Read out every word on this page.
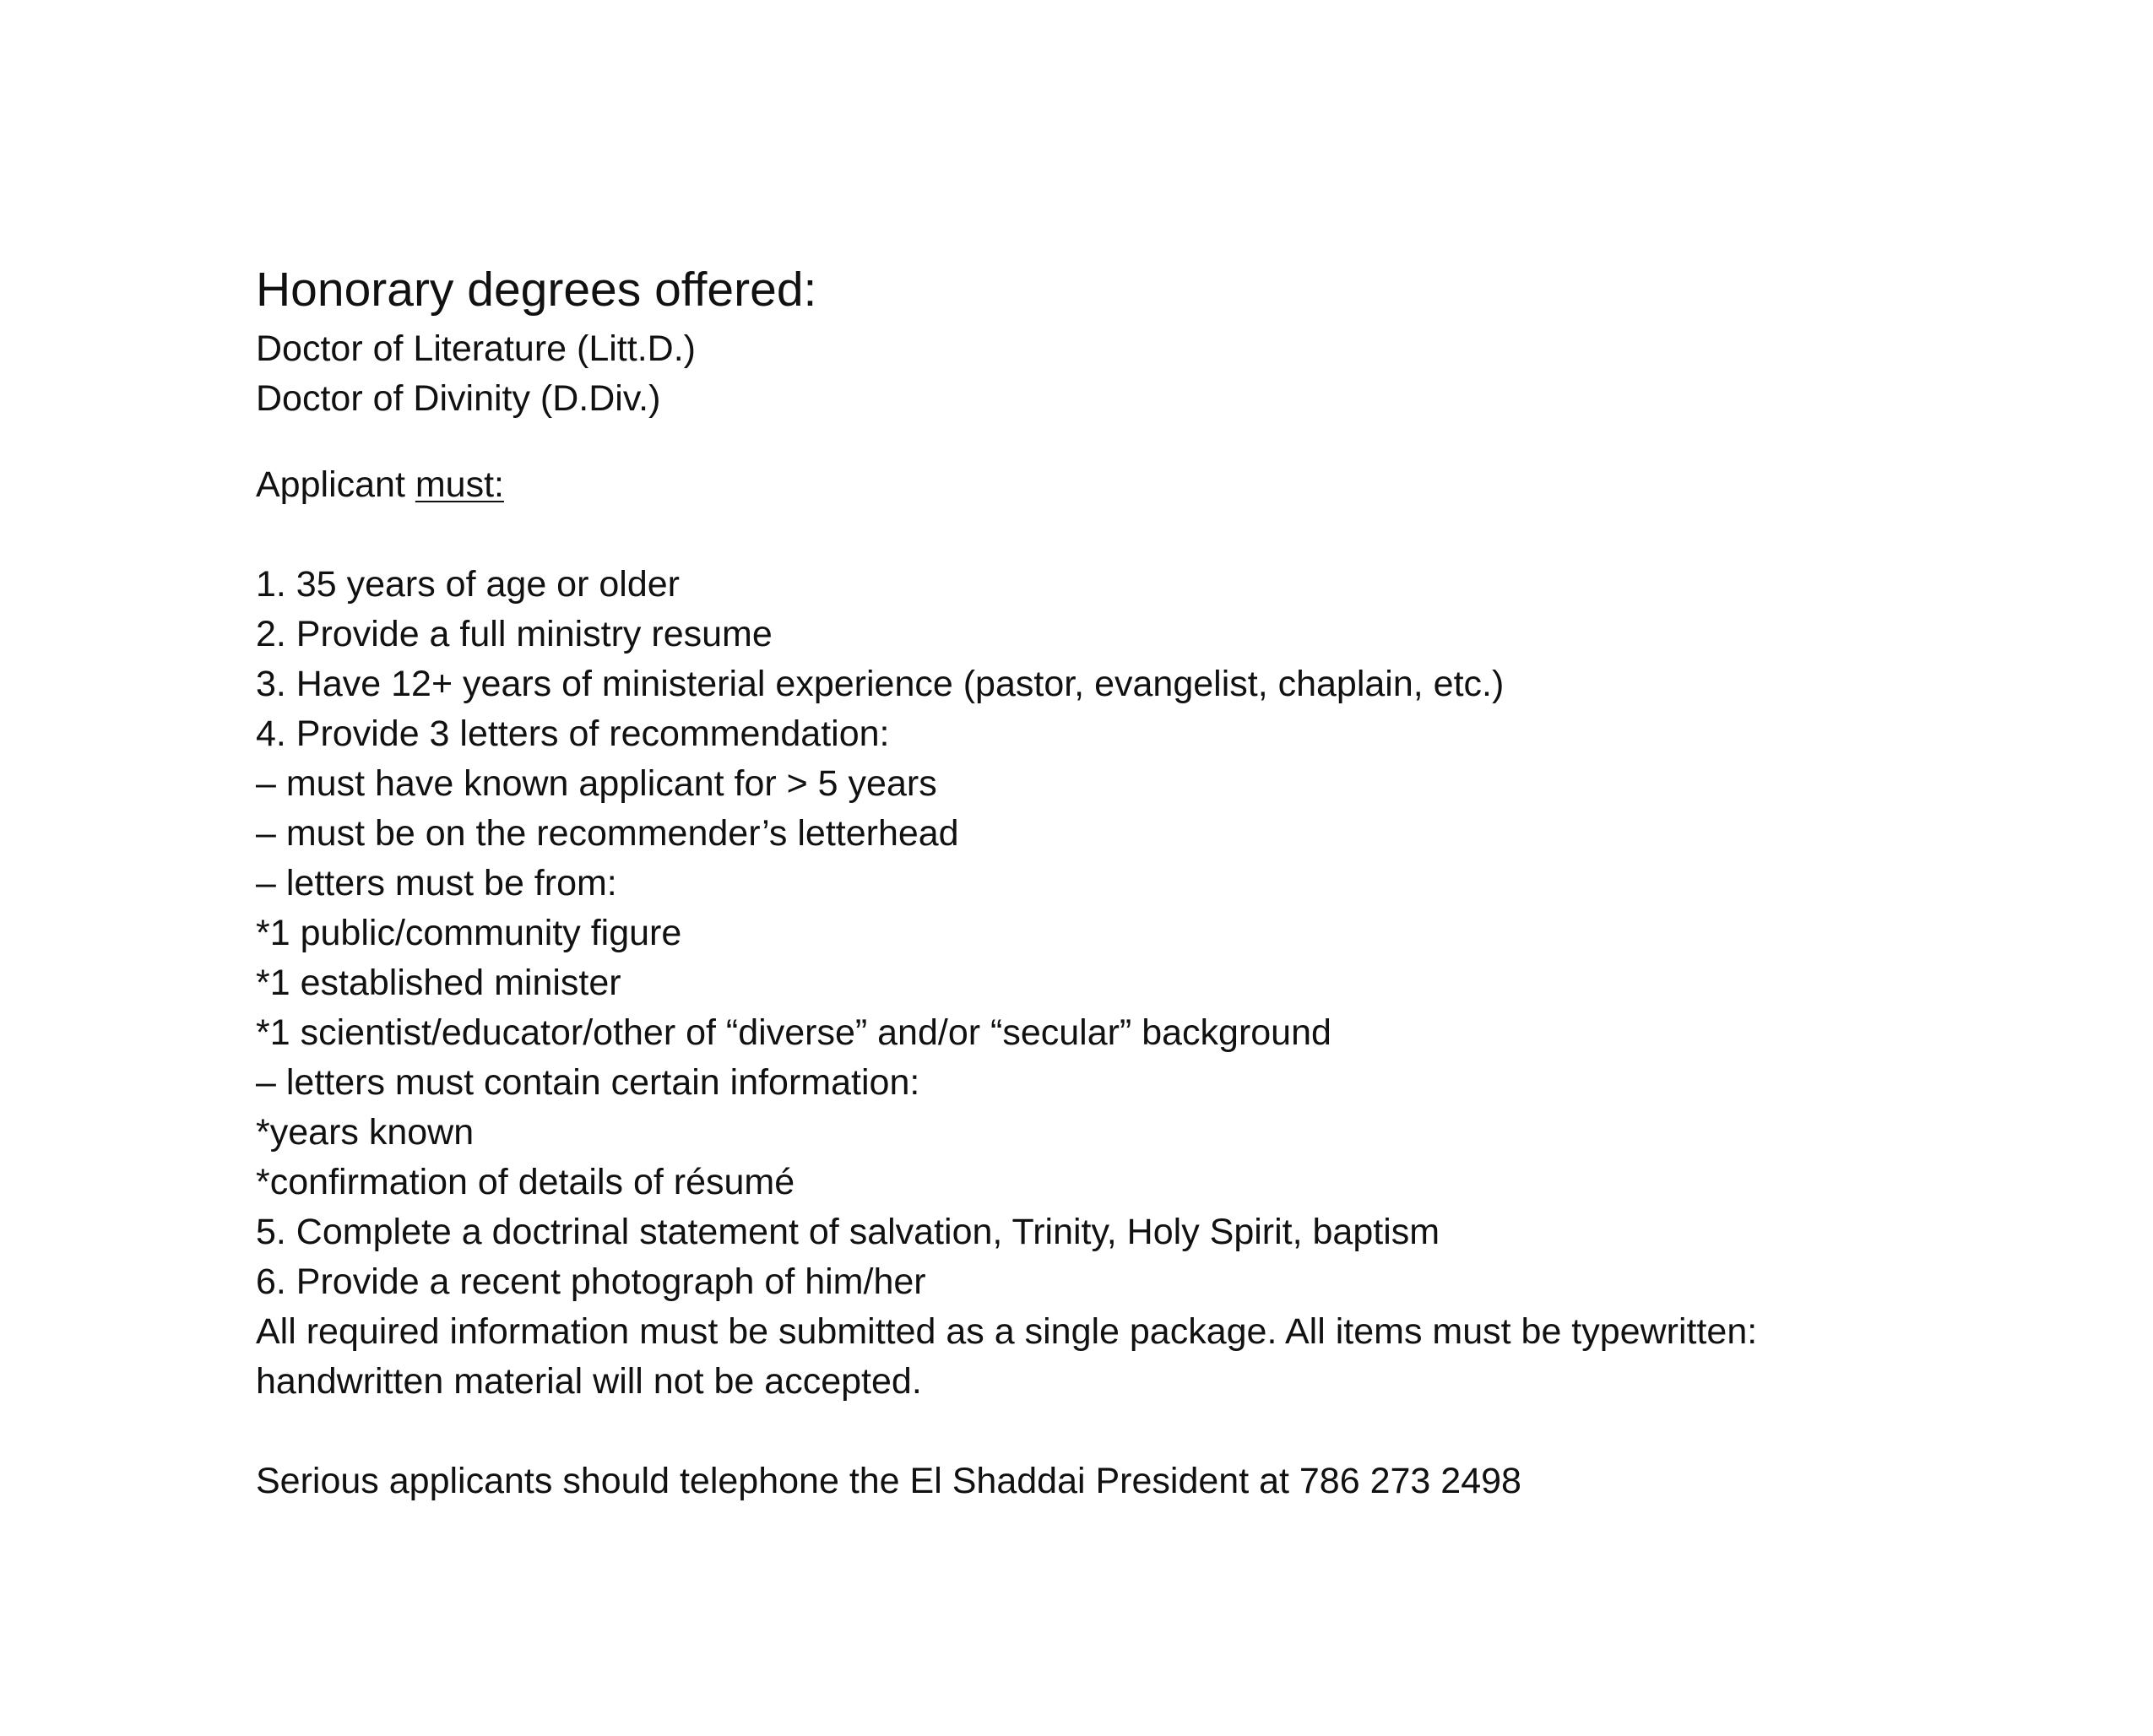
Honorary degrees offered:
Doctor of Literature (Litt.D.)
Doctor of Divinity (D.Div.)
Applicant must:
1. 35 years of age or older
2. Provide a full ministry resume
3. Have 12+ years of ministerial experience (pastor, evangelist, chaplain, etc.)
4. Provide 3 letters of recommendation:
– must have known applicant for > 5 years
– must be on the recommender’s letterhead
– letters must be from:
*1 public/community figure
*1 established minister
*1 scientist/educator/other of “diverse” and/or “secular” background
– letters must contain certain information:
*years known
*confirmation of details of résumé
5. Complete a doctrinal statement of salvation, Trinity, Holy Spirit, baptism
6. Provide a recent photograph of him/her
All required information must be submitted as a single package. All items must be typewritten:
handwritten material will not be accepted.
Serious applicants should telephone the El Shaddai President at 786 273 2498
